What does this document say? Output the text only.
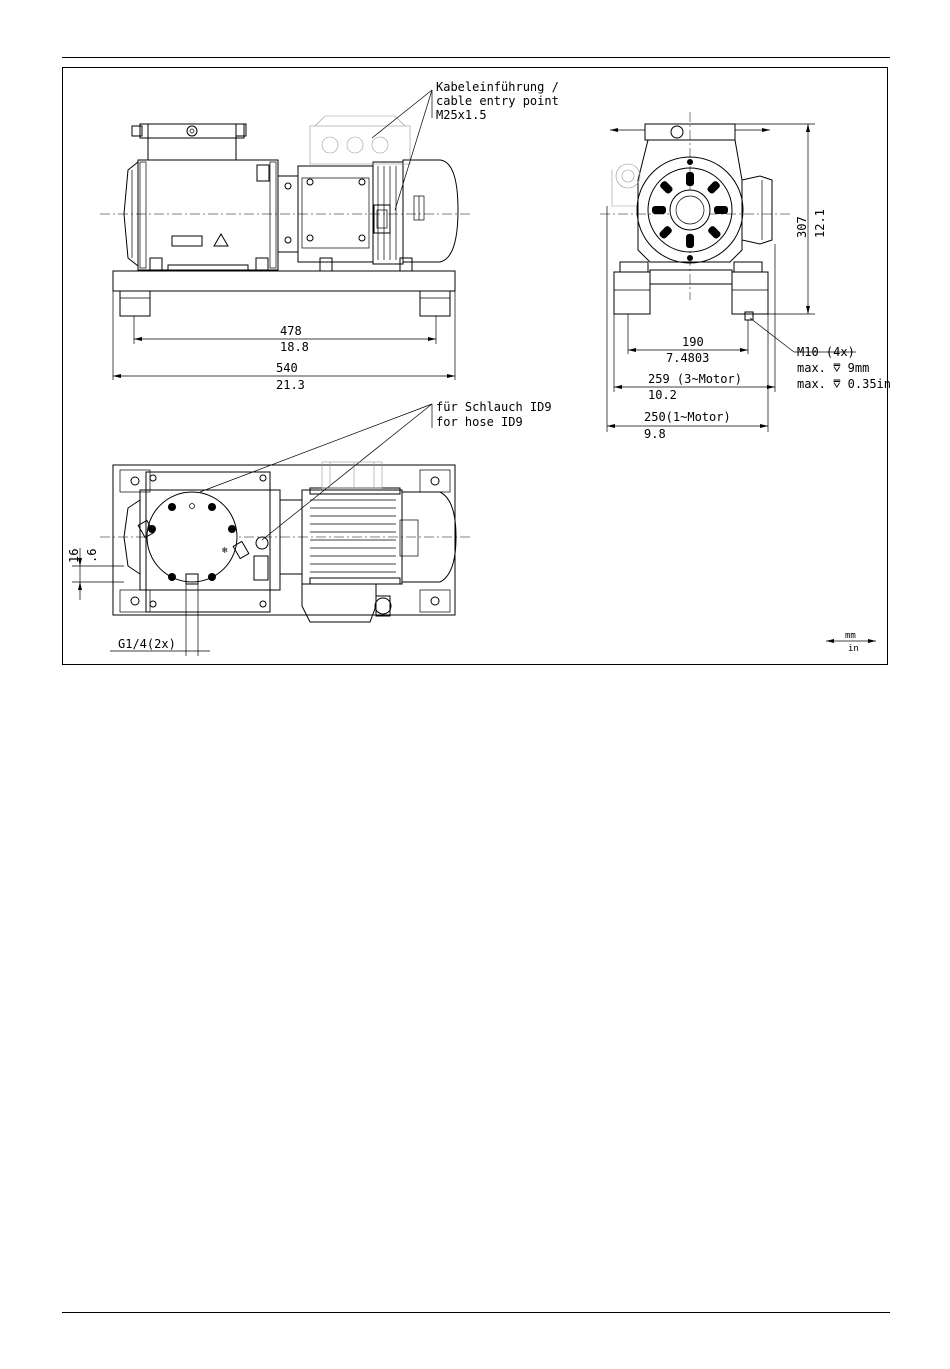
478
18.8
540
21.3
Kabeleinführung /
cable entry point
M25x1.5
307 12.1
190
7.4803
259 (3~Motor)
10.2
250(1~Motor)
9.8
M10 (4x)
max. ⩢ 9mm
max. ⩢ 0.35in
für Schlauch ID9
for hose ID9
❄
16 .6
G1/4(2x)
mm
in
